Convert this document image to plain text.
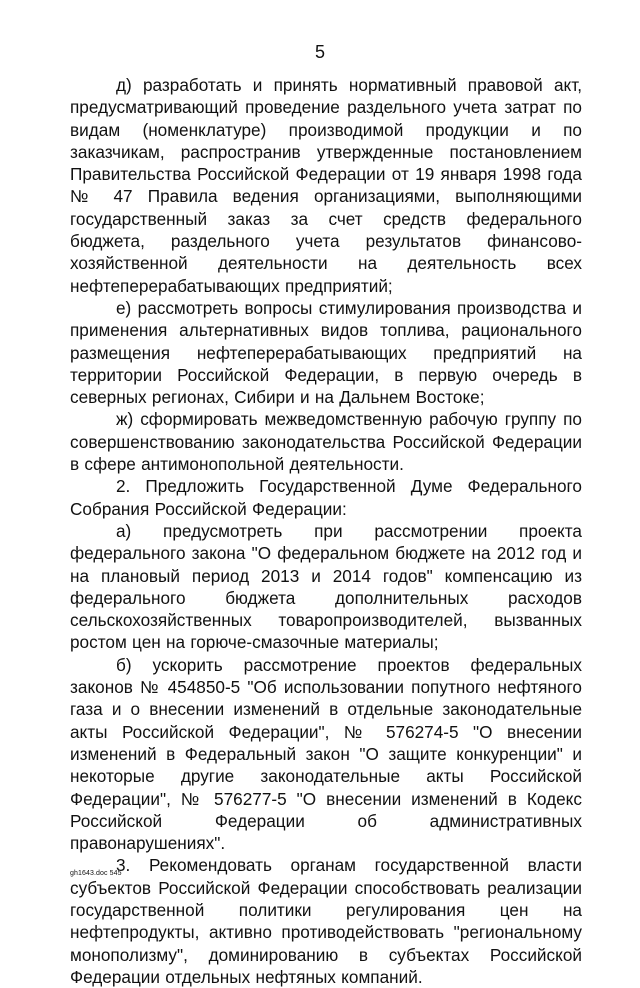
5

д) разработать и принять нормативный правовой акт, предусматривающий проведение раздельного учета затрат по видам (номенклатуре) производимой продукции и по заказчикам, распространив утвержденные постановлением Правительства Российской Федерации от 19 января 1998 года № 47 Правила ведения организациями, выполняющими государственный заказ за счет средств федерального бюджета, раздельного учета результатов финансово-хозяйственной деятельности на деятельность всех нефтеперерабатывающих предприятий;

е) рассмотреть вопросы стимулирования производства и применения альтернативных видов топлива, рационального размещения нефтеперерабатывающих предприятий на территории Российской Федерации, в первую очередь в северных регионах, Сибири и на Дальнем Востоке;

ж) сформировать межведомственную рабочую группу по совершенствованию законодательства Российской Федерации в сфере антимонопольной деятельности.

2. Предложить Государственной Думе Федерального Собрания Российской Федерации:

а) предусмотреть при рассмотрении проекта федерального закона "О федеральном бюджете на 2012 год и на плановый период 2013 и 2014 годов" компенсацию из федерального бюджета дополнительных расходов сельскохозяйственных товаропроизводителей, вызванных ростом цен на горюче-смазочные материалы;

б) ускорить рассмотрение проектов федеральных законов № 454850-5 "Об использовании попутного нефтяного газа и о внесении изменений в отдельные законодательные акты Российской Федерации", № 576274-5 "О внесении изменений в Федеральный закон "О защите конкуренции" и некоторые другие законодательные акты Российской Федерации", № 576277-5 "О внесении изменений в Кодекс Российской Федерации об административных правонарушениях".

3. Рекомендовать органам государственной власти субъектов Российской Федерации способствовать реализации государственной политики регулирования цен на нефтепродукты, активно противодействовать "региональному монополизму", доминированию в субъектах Российской Федерации отдельных нефтяных компаний.

gh1643.doc 545
